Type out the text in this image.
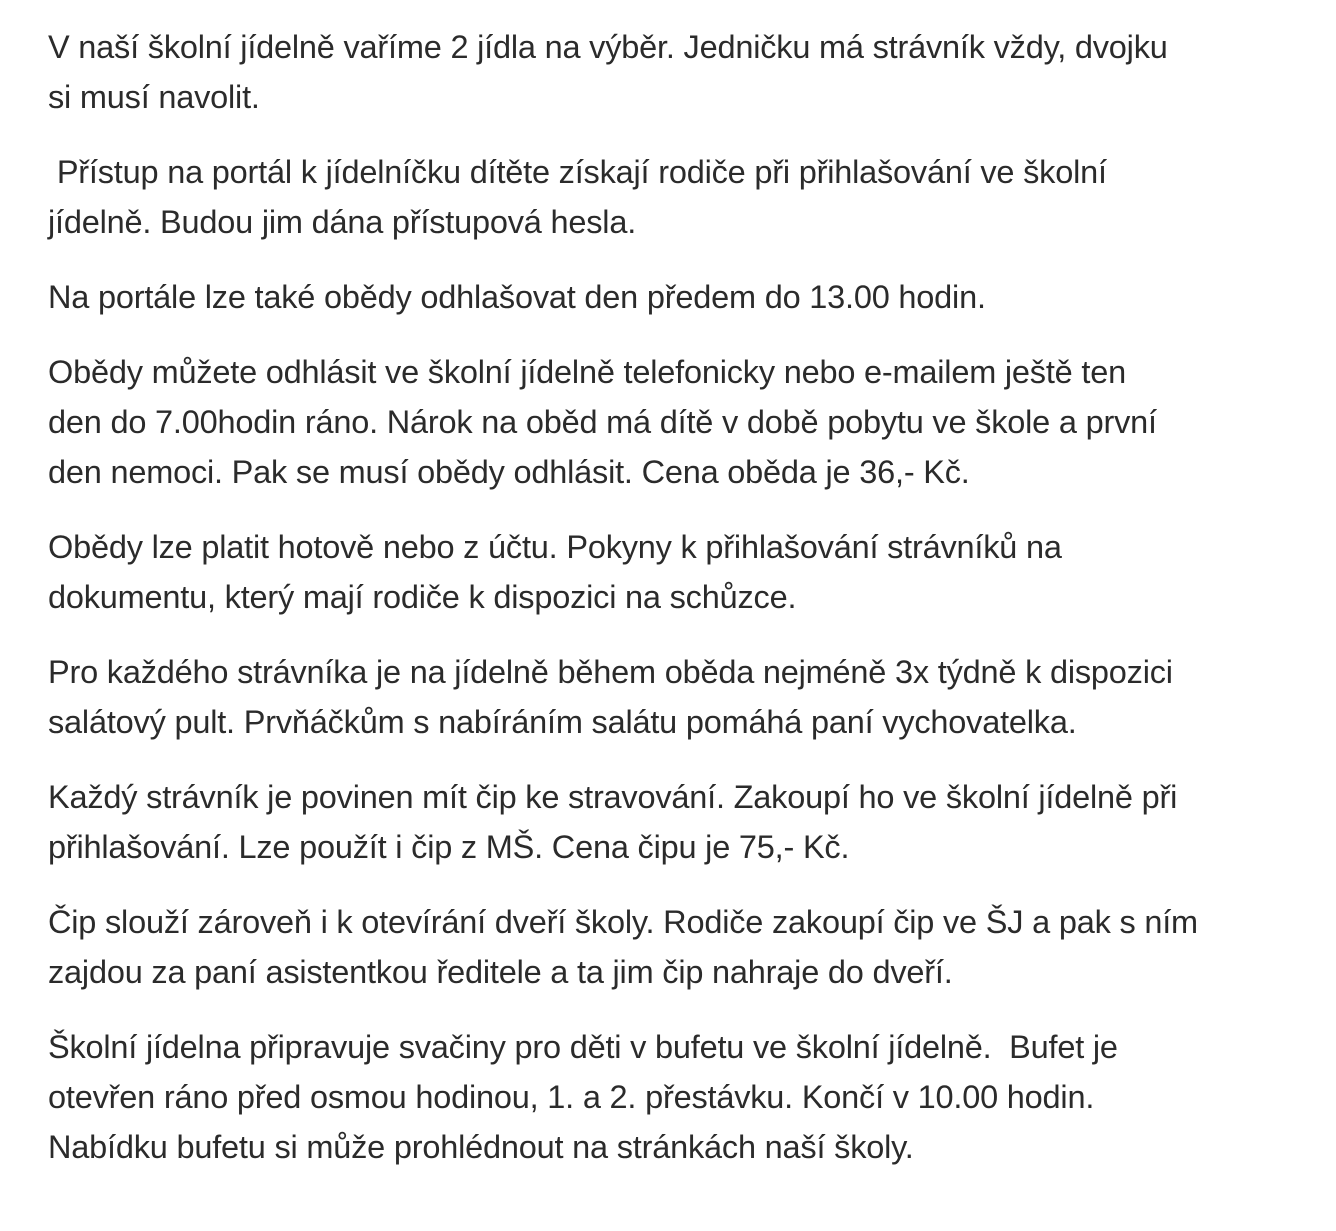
V naší školní jídelně vaříme 2 jídla na výběr. Jedničku má strávník vždy, dvojku
si musí navolit.

Přístup na portál k jídelníčku dítěte získají rodiče při přihlašování ve školní
jídelně. Budou jim dána přístupová hesla.

Na portále lze také obědy odhlašovat den předem do 13.00 hodin.

Obědy můžete odhlásit ve školní jídelně telefonicky nebo e-mailem ještě ten
den do 7.00hodin ráno. Nárok na oběd má dítě v době pobytu ve škole a první
den nemoci. Pak se musí obědy odhlásit. Cena oběda je 36,- Kč.

Obědy lze platit hotově nebo z účtu. Pokyny k přihlašování strávníků na
dokumentu, který mají rodiče k dispozici na schůzce.

Pro každého strávníka je na jídelně během oběda nejméně 3x týdně k dispozici
salátový pult. Prvňáčkům s nabíráním salátu pomáhá paní vychovatelka.

Každý strávník je povinen mít čip ke stravování. Zakoupí ho ve školní jídelně při
přihlašování. Lze použít i čip z MŠ. Cena čipu je 75,- Kč.

Čip slouží zároveň i k otevírání dveří školy. Rodiče zakoupí čip ve ŠJ a pak s ním
zajdou za paní asistentkou ředitele a ta jim čip nahraje do dveří.

Školní jídelna připravuje svačiny pro děti v bufetu ve školní jídelně.  Bufet je
otevřen ráno před osmou hodinou, 1. a 2. přestávku. Končí v 10.00 hodin.
Nabídku bufetu si může prohlédnout na stránkách naší školy.
